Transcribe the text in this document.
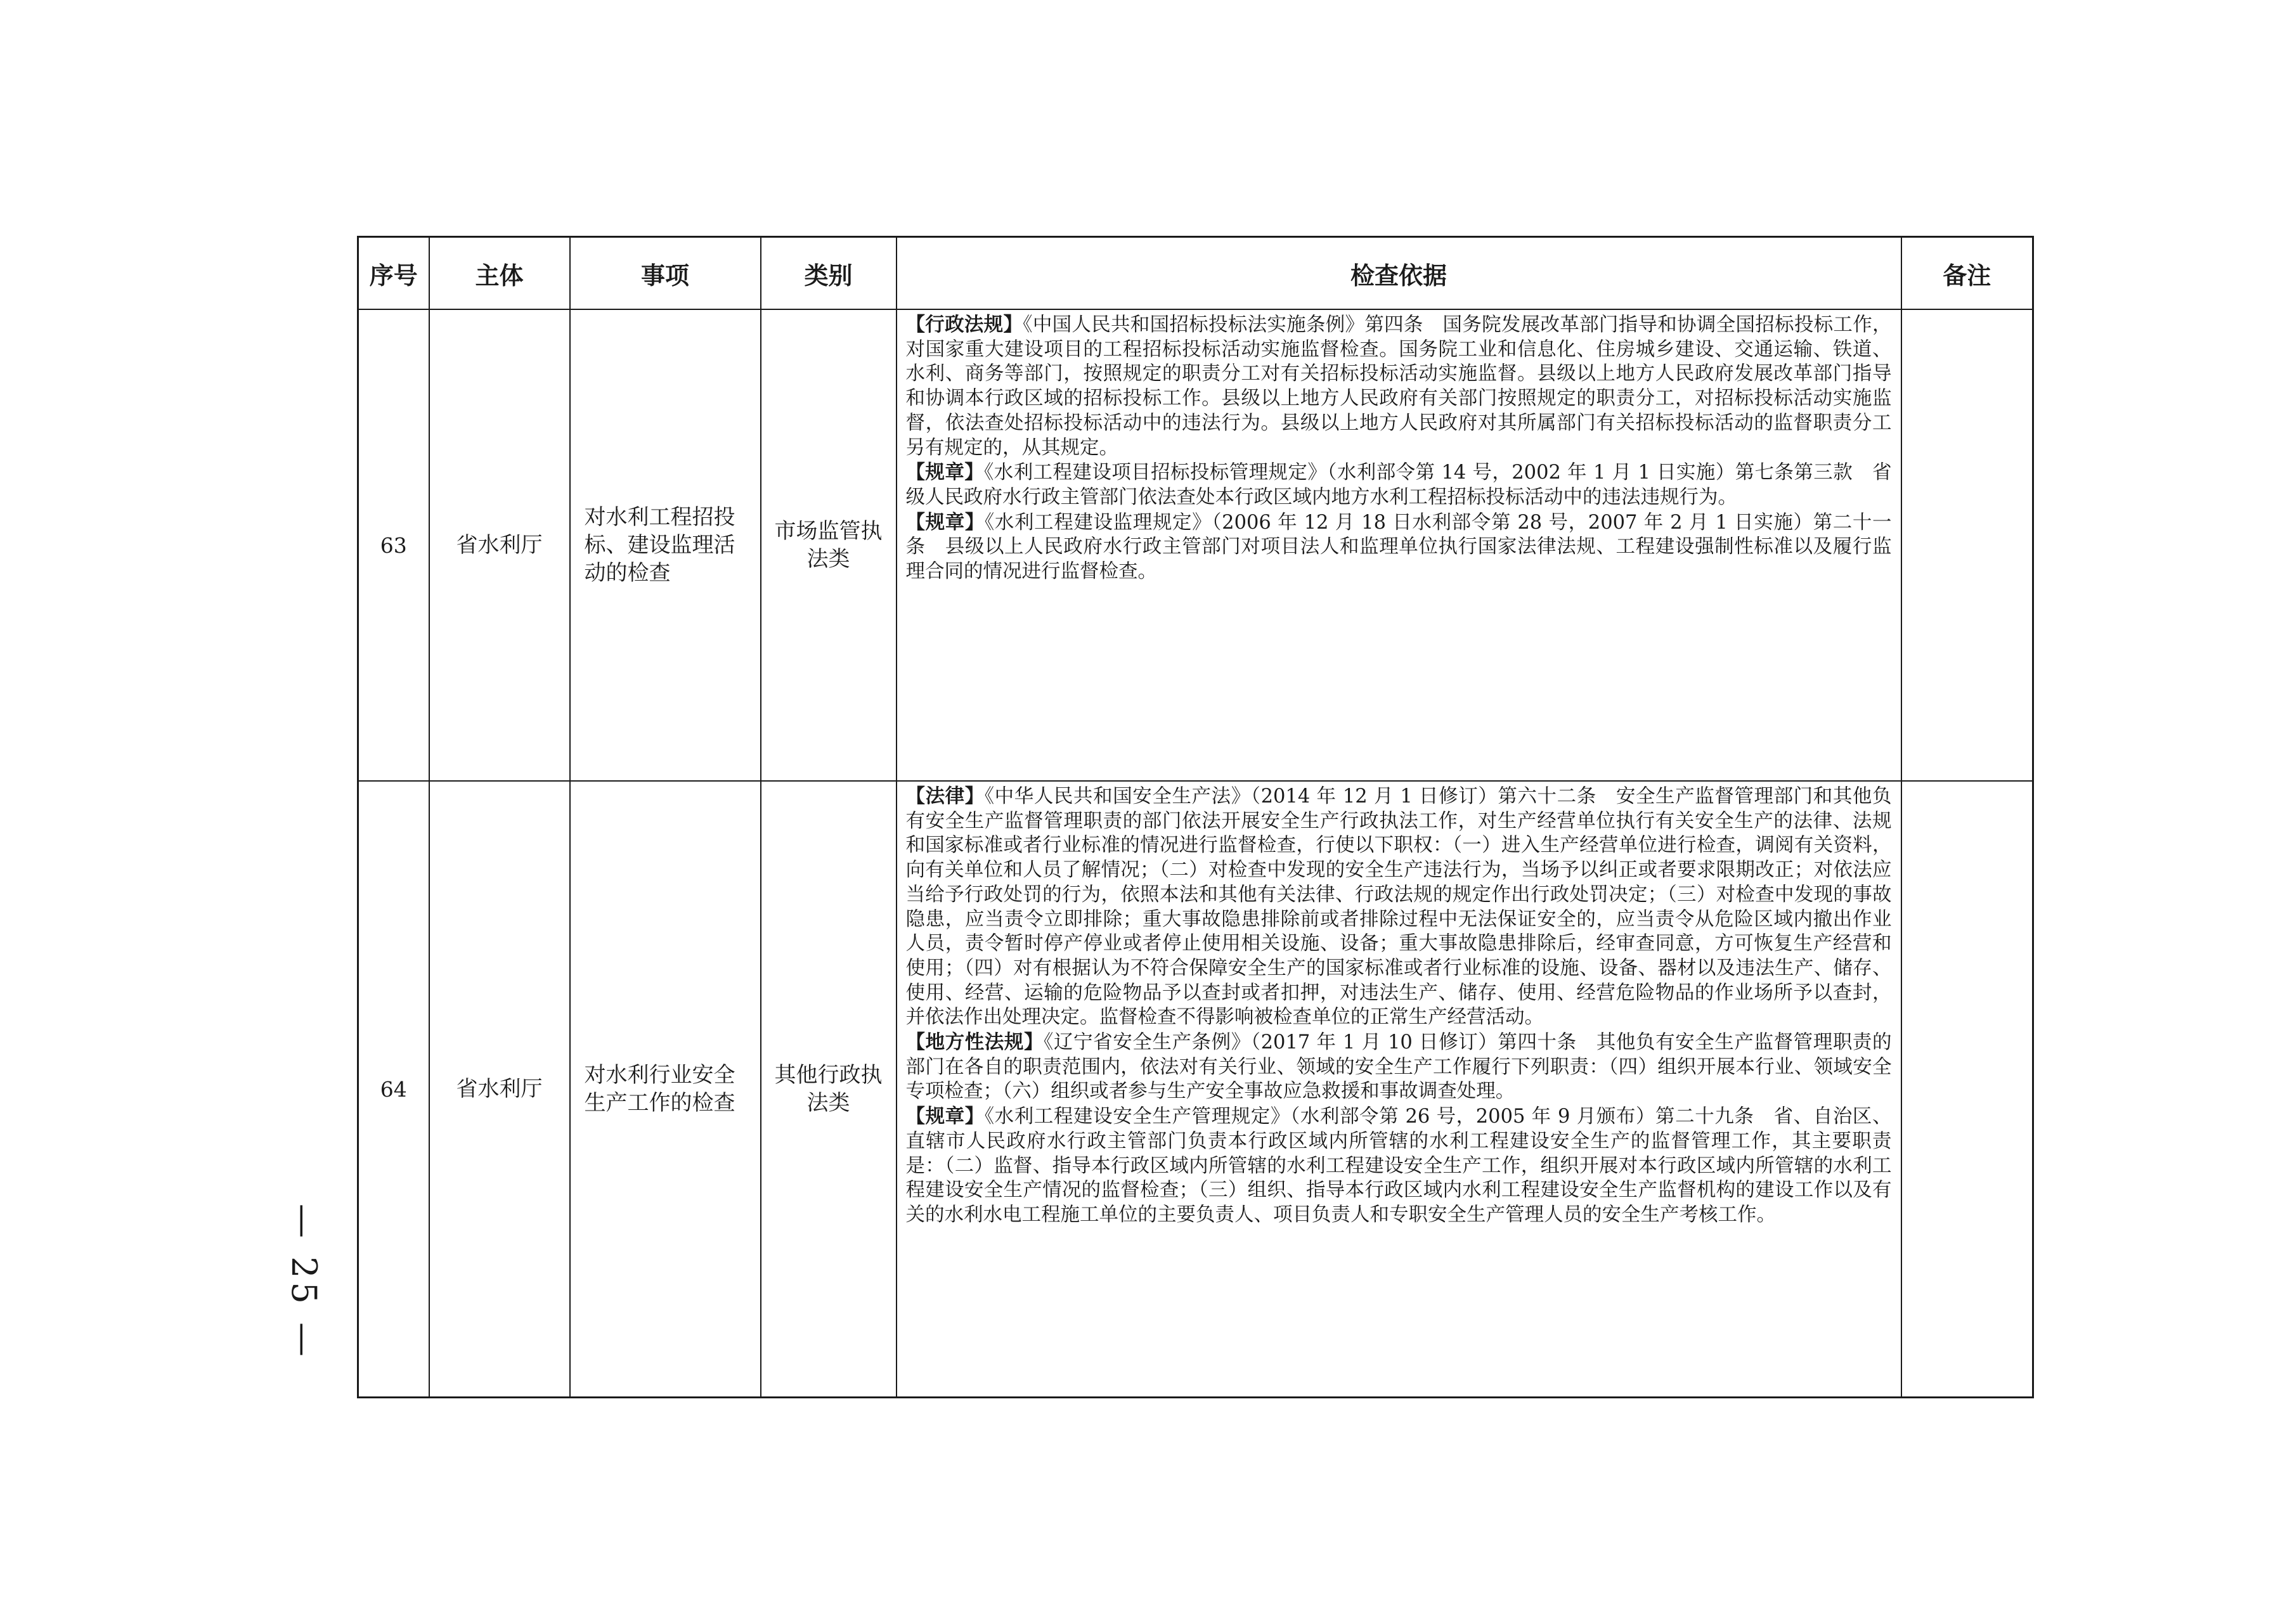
序号	主体	事项	类别	检查依据	备注
63	省水利厅	对水利工程招投标、建设监理活动的检查	市场监管执法类	【行政法规】《中国人民共和国招标投标法实施条例》第四条　国务院发展改革部门指导和协调全国招标投标工作，对国家重大建设项目的工程招标投标活动实施监督检查。国务院工业和信息化、住房城乡建设、交通运输、铁道、水利、商务等部门，按照规定的职责分工对有关招标投标活动实施监督。县级以上地方人民政府发展改革部门指导和协调本行政区域的招标投标工作。县级以上地方人民政府有关部门按照规定的职责分工，对招标投标活动实施监督，依法查处招标投标活动中的违法行为。县级以上地方人民政府对其所属部门有关招标投标活动的监督职责分工另有规定的，从其规定。

【规章】《水利工程建设项目招标投标管理规定》（水利部令第 14 号，2002 年 1 月 1 日实施）第七条第三款　省级人民政府水行政主管部门依法查处本行政区域内地方水利工程招标投标活动中的违法违规行为。

【规章】《水利工程建设监理规定》（2006 年 12 月 18 日水利部令第 28 号，2007 年 2 月 1 日实施）第二十一条　县级以上人民政府水行政主管部门对项目法人和监理单位执行国家法律法规、工程建设强制性标准以及履行监理合同的情况进行监督检查。	

64	省水利厅	对水利行业安全生产工作的检查	其他行政执法类	【法律】《中华人民共和国安全生产法》（2014 年 12 月 1 日修订）第六十二条　安全生产监督管理部门和其他负有安全生产监督管理职责的部门依法开展安全生产行政执法工作，对生产经营单位执行有关安全生产的法律、法规和国家标准或者行业标准的情况进行监督检查，行使以下职权：（一）进入生产经营单位进行检查，调阅有关资料，向有关单位和人员了解情况；（二）对检查中发现的安全生产违法行为，当场予以纠正或者要求限期改正；对依法应当给予行政处罚的行为，依照本法和其他有关法律、行政法规的规定作出行政处罚决定；（三）对检查中发现的事故隐患，应当责令立即排除；重大事故隐患排除前或者排除过程中无法保证安全的，应当责令从危险区域内撤出作业人员，责令暂时停产停业或者停止使用相关设施、设备；重大事故隐患排除后，经审查同意，方可恢复生产经营和使用；（四）对有根据认为不符合保障安全生产的国家标准或者行业标准的设施、设备、器材以及违法生产、储存、使用、经营、运输的危险物品予以查封或者扣押，对违法生产、储存、使用、经营危险物品的作业场所予以查封，并依法作出处理决定。监督检查不得影响被检查单位的正常生产经营活动。

【地方性法规】《辽宁省安全生产条例》（2017 年 1 月 10 日修订）第四十条　其他负有安全生产监督管理职责的部门在各自的职责范围内，依法对有关行业、领域的安全生产工作履行下列职责：（四）组织开展本行业、领域安全专项检查；（六）组织或者参与生产安全事故应急救援和事故调查处理。

【规章】《水利工程建设安全生产管理规定》（水利部令第 26 号，2005 年 9 月颁布）第二十九条　省、自治区、直辖市人民政府水行政主管部门负责本行政区域内所管辖的水利工程建设安全生产的监督管理工作，其主要职责是：（二）监督、指导本行政区域内所管辖的水利工程建设安全生产工作，组织开展对本行政区域内所管辖的水利工程建设安全生产情况的监督检查；（三）组织、指导本行政区域内水利工程建设安全生产监督机构的建设工作以及有关的水利水电工程施工单位的主要负责人、项目负责人和专职安全生产管理人员的安全生产考核工作。	

— 25 —
